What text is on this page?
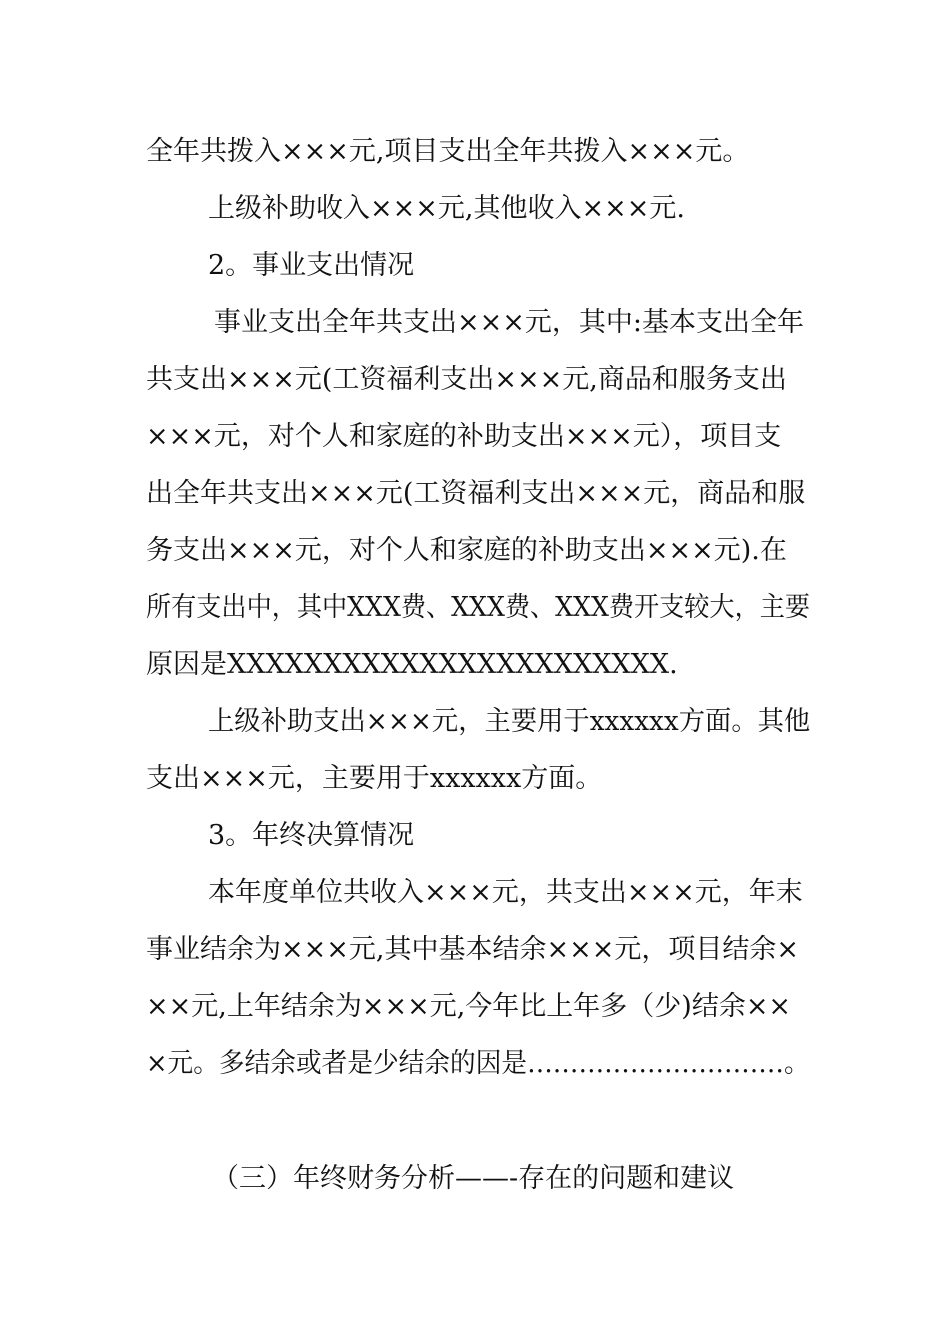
全年共拨入×××元,项目支出全年共拨入×××元。
上级补助收入×××元,其他收入×××元.
2。事业支出情况
事业支出全年共支出×××元，其中:基本支出全年
共支出×××元(工资福利支出×××元,商品和服务支出
×××元，对个人和家庭的补助支出×××元），项目支
出全年共支出×××元(工资福利支出×××元，商品和服
务支出×××元，对个人和家庭的补助支出×××元).在
所有支出中，其中XXX费、XXX费、XXX费开支较大，主要
原因是XXXXXXXXXXXXXXXXXXXXXXX.
上级补助支出×××元，主要用于xxxxxx方面。其他
支出×××元，主要用于xxxxxx方面。
3。年终决算情况
本年度单位共收入×××元，共支出×××元，年末
事业结余为×××元,其中基本结余×××元，项目结余×
××元,上年结余为×××元,今年比上年多（少)结余××
×元。多结余或者是少结余的因是…………………………。
（三）年终财务分析——-存在的问题和建议
